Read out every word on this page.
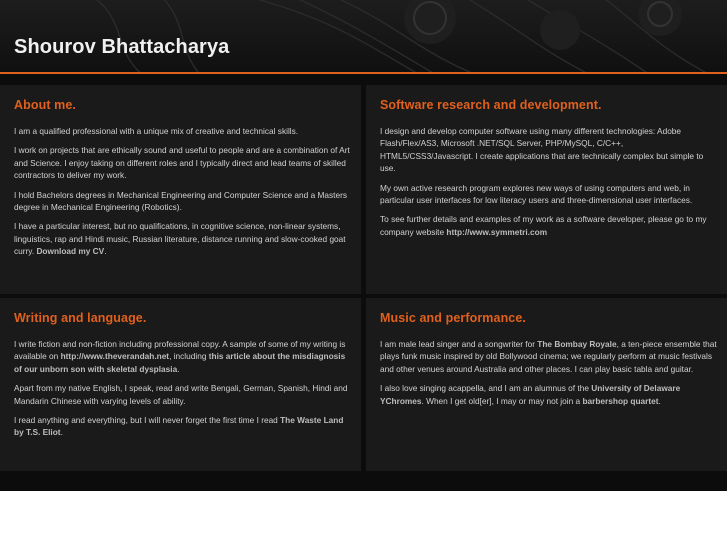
Shourov Bhattacharya
About me.

I am a qualified professional with a unique mix of creative and technical skills.

I work on projects that are ethically sound and useful to people and are a combination of Art and Science. I enjoy taking on different roles and I typically direct and lead teams of skilled contractors to deliver my work.

I hold Bachelors degrees in Mechanical Engineering and Computer Science and a Masters degree in Mechanical Engineering (Robotics).

I have a particular interest, but no qualifications, in cognitive science, non-linear systems, linguistics, rap and Hindi music, Russian literature, distance running and slow-cooked goat curry. Download my CV.

Software research and development.

I design and develop computer software using many different technologies: Adobe Flash/Flex/AS3, Microsoft .NET/SQL Server, PHP/MySQL, C/C++, HTML5/CSS3/Javascript. I create applications that are technically complex but simple to use.

My own active research program explores new ways of using computers and web, in particular user interfaces for low literacy users and three-dimensional user interfaces.

To see further details and examples of my work as a software developer, please go to my company website http://www.symmetri.com

Writing and language.

I write fiction and non-fiction including professional copy. A sample of some of my writing is available on http://www.theverandah.net, including this article about the misdiagnosis of our unborn son with skeletal dysplasia.

Apart from my native English, I speak, read and write Bengali, German, Spanish, Hindi and Mandarin Chinese with varying levels of ability.

I read anything and everything, but I will never forget the first time I read The Waste Land by T.S. Eliot.

Music and performance.

I am male lead singer and a songwriter for The Bombay Royale, a ten-piece ensemble that plays funk music inspired by old Bollywood cinema; we regularly perform at music festivals and other venues around Australia and other places. I can play basic tabla and guitar.

I also love singing acappella, and I am an alumnus of the University of Delaware YChromes. When I get old[er], I may or may not join a barbershop quartet.
